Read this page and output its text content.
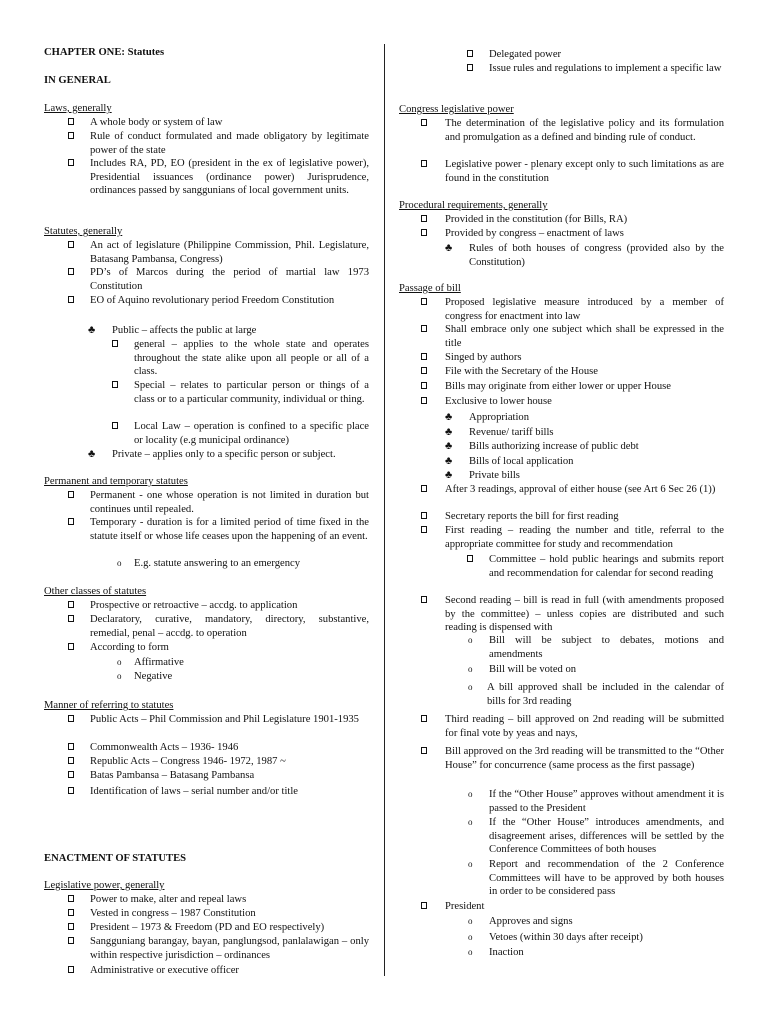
CHAPTER ONE: Statutes
IN GENERAL
Laws, generally
A whole body or system of law
Rule of conduct formulated and made obligatory by legitimate power of the state
Includes RA, PD, EO (president in the ex of legislative power), Presidential issuances (ordinance power) Jurisprudence, ordinances passed by sanggunians of local government units.
Statutes, generally
An act of legislature (Philippine Commission, Phil. Legislature, Batasang Pambansa, Congress)
PD’s of Marcos during the period of martial law 1973 Constitution
EO of Aquino revolutionary period Freedom Constitution
♣	Public – affects the public at large
general – applies to the whole state and operates throughout the state alike upon all people or all of a class.
Special – relates to particular person or things of a class or to a particular community, individual or thing.
Local Law – operation is confined to a specific place or locality (e.g municipal ordinance)
♣	Private – applies only to a specific person or subject.
Permanent and temporary statutes
Permanent - one whose operation is not limited in duration but continues until repealed.
Temporary - duration is for a limited period of time fixed in the statute itself or whose life ceases upon the happening of an event.
o	E.g. statute answering to an emergency
Other classes of statutes
Prospective or retroactive – accdg. to application
Declaratory, curative, mandatory, directory, substantive, remedial, penal – accdg. to operation
According to form
o	Affirmative
o	Negative
Manner of referring to statutes
Public Acts – Phil Commission and Phil Legislature 1901-1935
Commonwealth Acts – 1936- 1946
Republic Acts – Congress 1946- 1972, 1987 ~
Batas Pambansa – Batasang Pambansa
Identification of laws – serial number and/or title
ENACTMENT OF STATUTES
Legislative power, generally
Power to make, alter and repeal laws
Vested in congress – 1987 Constitution
President – 1973 & Freedom (PD and EO respectively)
Sangguniang barangay, bayan, panglungsod, panlalawigan – only within respective jurisdiction – ordinances
Administrative or executive officer
Delegated power
Issue rules and regulations to implement a specific law
Congress legislative power
The determination of the legislative policy and its formulation and promulgation as a defined and binding rule of conduct.
Legislative power - plenary except only to such limitations as are found in the constitution
Procedural requirements, generally
Provided in the constitution (for Bills, RA)
Provided by congress – enactment of laws
♣	Rules of both houses of congress (provided also by the Constitution)
Passage of bill
Proposed legislative measure introduced by a member of congress for enactment into law
Shall embrace only one subject which shall be expressed in the title
Singed by authors
File with the Secretary of the House
Bills may originate from either lower or upper House
Exclusive to lower house
♣	Appropriation
♣	Revenue/ tariff bills
♣	Bills authorizing increase of public debt
♣	Bills of local application
♣	Private bills
After 3 readings, approval of either house (see Art 6 Sec 26 (1))
Secretary reports the bill for first reading
First reading – reading the number and title, referral to the appropriate committee for study and recommendation
Committee – hold public hearings and submits report and recommendation for calendar for second reading
Second reading – bill is read in full (with amendments proposed by the committee) – unless copies are distributed and such reading is dispensed with
o	Bill will be subject to debates, motions and amendments
o	Bill will be voted on
o	A bill approved shall be included in the calendar of bills for 3rd reading
Third reading – bill approved on 2nd reading will be submitted for final vote by yeas and nays,
Bill approved on the 3rd reading will be transmitted to the “Other House” for concurrence (same process as the first passage)
o	If the “Other House” approves without amendment it is passed to the President
o	If the “Other House” introduces amendments, and disagreement arises, differences will be settled by the Conference Committees of both houses
o	Report and recommendation of the 2 Conference Committees will have to be approved by both houses in order to be considered pass
President
o	Approves and signs
o	Vetoes (within 30 days after receipt)
o	Inaction
